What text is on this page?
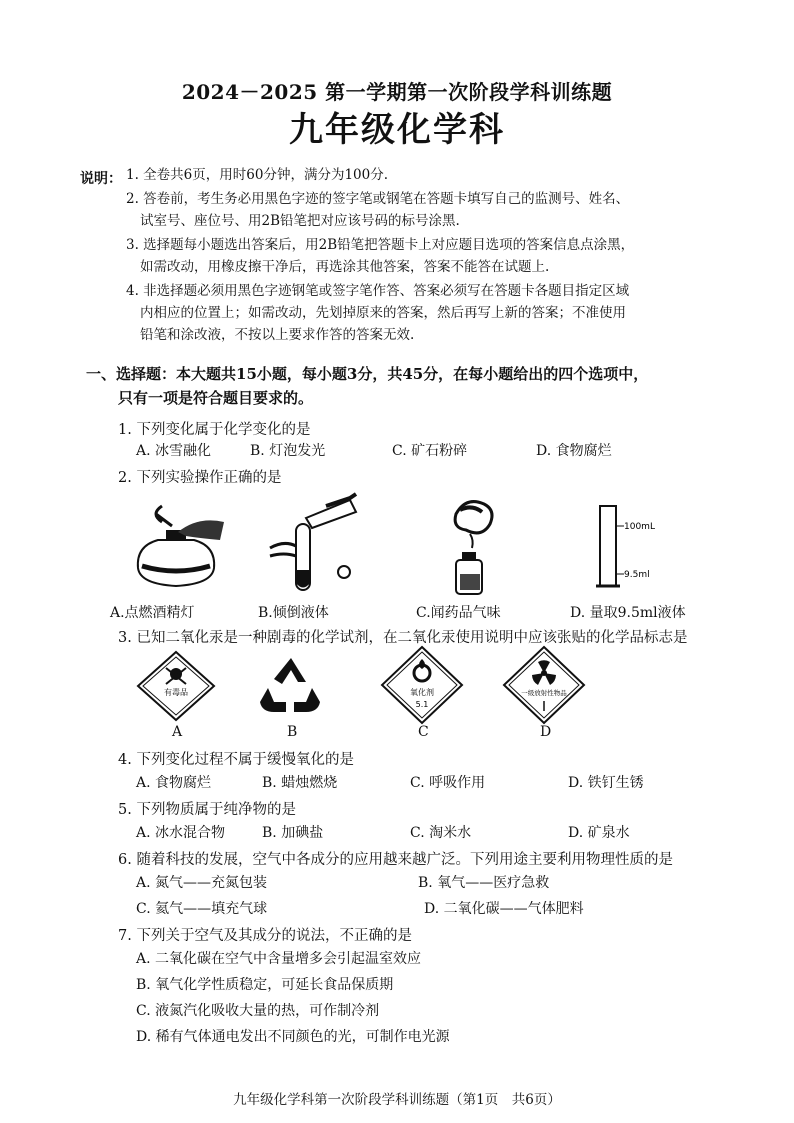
2024－2025 第一学期第一次阶段学科训练题
九年级化学科
说明： 1. 全卷共6页，用时60分钟，满分为100分.
2. 答卷前，考生务必用黑色字迹的签字笔或钢笔在答题卡填写自己的监测号、姓名、
试室号、座位号、用2B铅笔把对应该号码的标号涂黑.
3. 选择题每小题选出答案后，用2B铅笔把答题卡上对应题目选项的答案信息点涂黑，
如需改动，用橡皮擦干净后，再选涂其他答案，答案不能答在试题上.
4. 非选择题必须用黑色字迹钢笔或签字笔作答、答案必须写在答题卡各题目指定区域
内相应的位置上；如需改动，先划掉原来的答案，然后再写上新的答案；不准使用
铅笔和涂改液，不按以上要求作答的答案无效.
一、选择题：本大题共15小题，每小题3分，共45分，在每小题给出的四个选项中，
只有一项是符合题目要求的。
1. 下列变化属于化学变化的是
A. 冰雪融化	B. 灯泡发光	C. 矿石粉碎	D. 食物腐烂
2. 下列实验操作正确的是
100mL
9.5ml
A.点燃酒精灯	B.倾倒液体	C.闻药品气味	D. 量取9.5ml液体
3. 已知二氧化汞是一种剧毒的化学试剂，在二氧化汞使用说明中应该张贴的化学品标志是
有毒品	氧化剂
5.1
一级放射性物品
A	B	C	D
4. 下列变化过程不属于缓慢氧化的是
A. 食物腐烂	B. 蜡烛燃烧	C. 呼吸作用	D. 铁钉生锈
5. 下列物质属于纯净物的是
A. 冰水混合物	B. 加碘盐	C. 淘米水	D. 矿泉水
6. 随着科技的发展，空气中各成分的应用越来越广泛。下列用途主要利用物理性质的是
A. 氮气——充氮包装	B. 氧气——医疗急救
C. 氦气——填充气球	D. 二氧化碳——气体肥料
7. 下列关于空气及其成分的说法，不正确的是
A. 二氧化碳在空气中含量增多会引起温室效应
B. 氧气化学性质稳定，可延长食品保质期
C. 液氮汽化吸收大量的热，可作制冷剂
D. 稀有气体通电发出不同颜色的光，可制作电光源
九年级化学科第一次阶段学科训练题（第1页　共6页）
